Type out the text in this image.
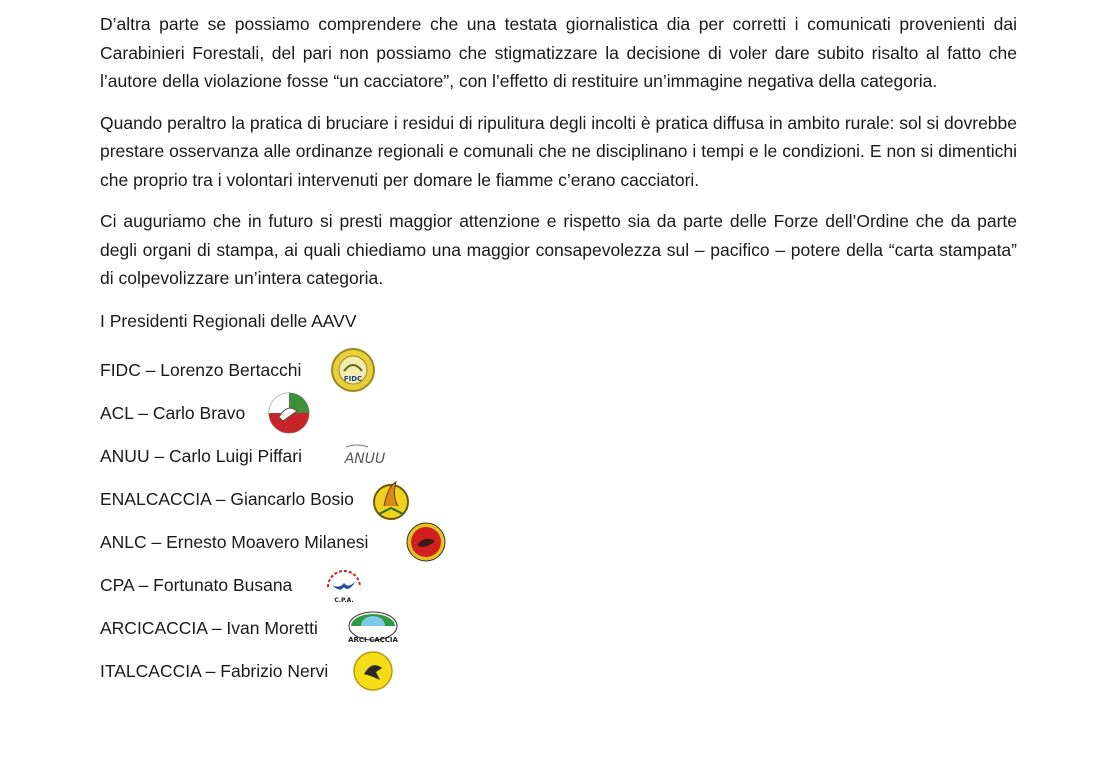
D’altra parte se possiamo comprendere che una testata giornalistica dia per corretti i comunicati provenienti dai Carabinieri Forestali, del pari non possiamo che stigmatizzare la decisione di voler dare subito risalto al fatto che l’autore della violazione fosse “un cacciatore”, con l’effetto di restituire un’immagine negativa della categoria.

Quando peraltro la pratica di bruciare i residui di ripulitura degli incolti è pratica diffusa in ambito rurale: sol si dovrebbe prestare osservanza alle ordinanze regionali e comunali che ne disciplinano i tempi e le condizioni. E non si dimentichi che proprio tra i volontari intervenuti per domare le fiamme c’erano cacciatori.

Ci auguriamo che in futuro si presti maggior attenzione e rispetto sia da parte delle Forze dell’Ordine che da parte degli organi di stampa, ai quali chiediamo una maggior consapevolezza sul – pacifico – potere della “carta stampata” di colpevolizzare un’intera categoria.

I Presidenti Regionali delle AAVV
FIDC – Lorenzo Bertacchi	FIDC
ACL – Carlo Bravo
ANUU – Carlo Luigi Piffari	ANUU
ENALCACCIA – Giancarlo Bosio
ANLC – Ernesto Moavero Milanesi
CPA – Fortunato Busana
C.P.A.
ARCICACCIA – Ivan Moretti
ARCI CACCIA
ITALCACCIA – Fabrizio Nervi
